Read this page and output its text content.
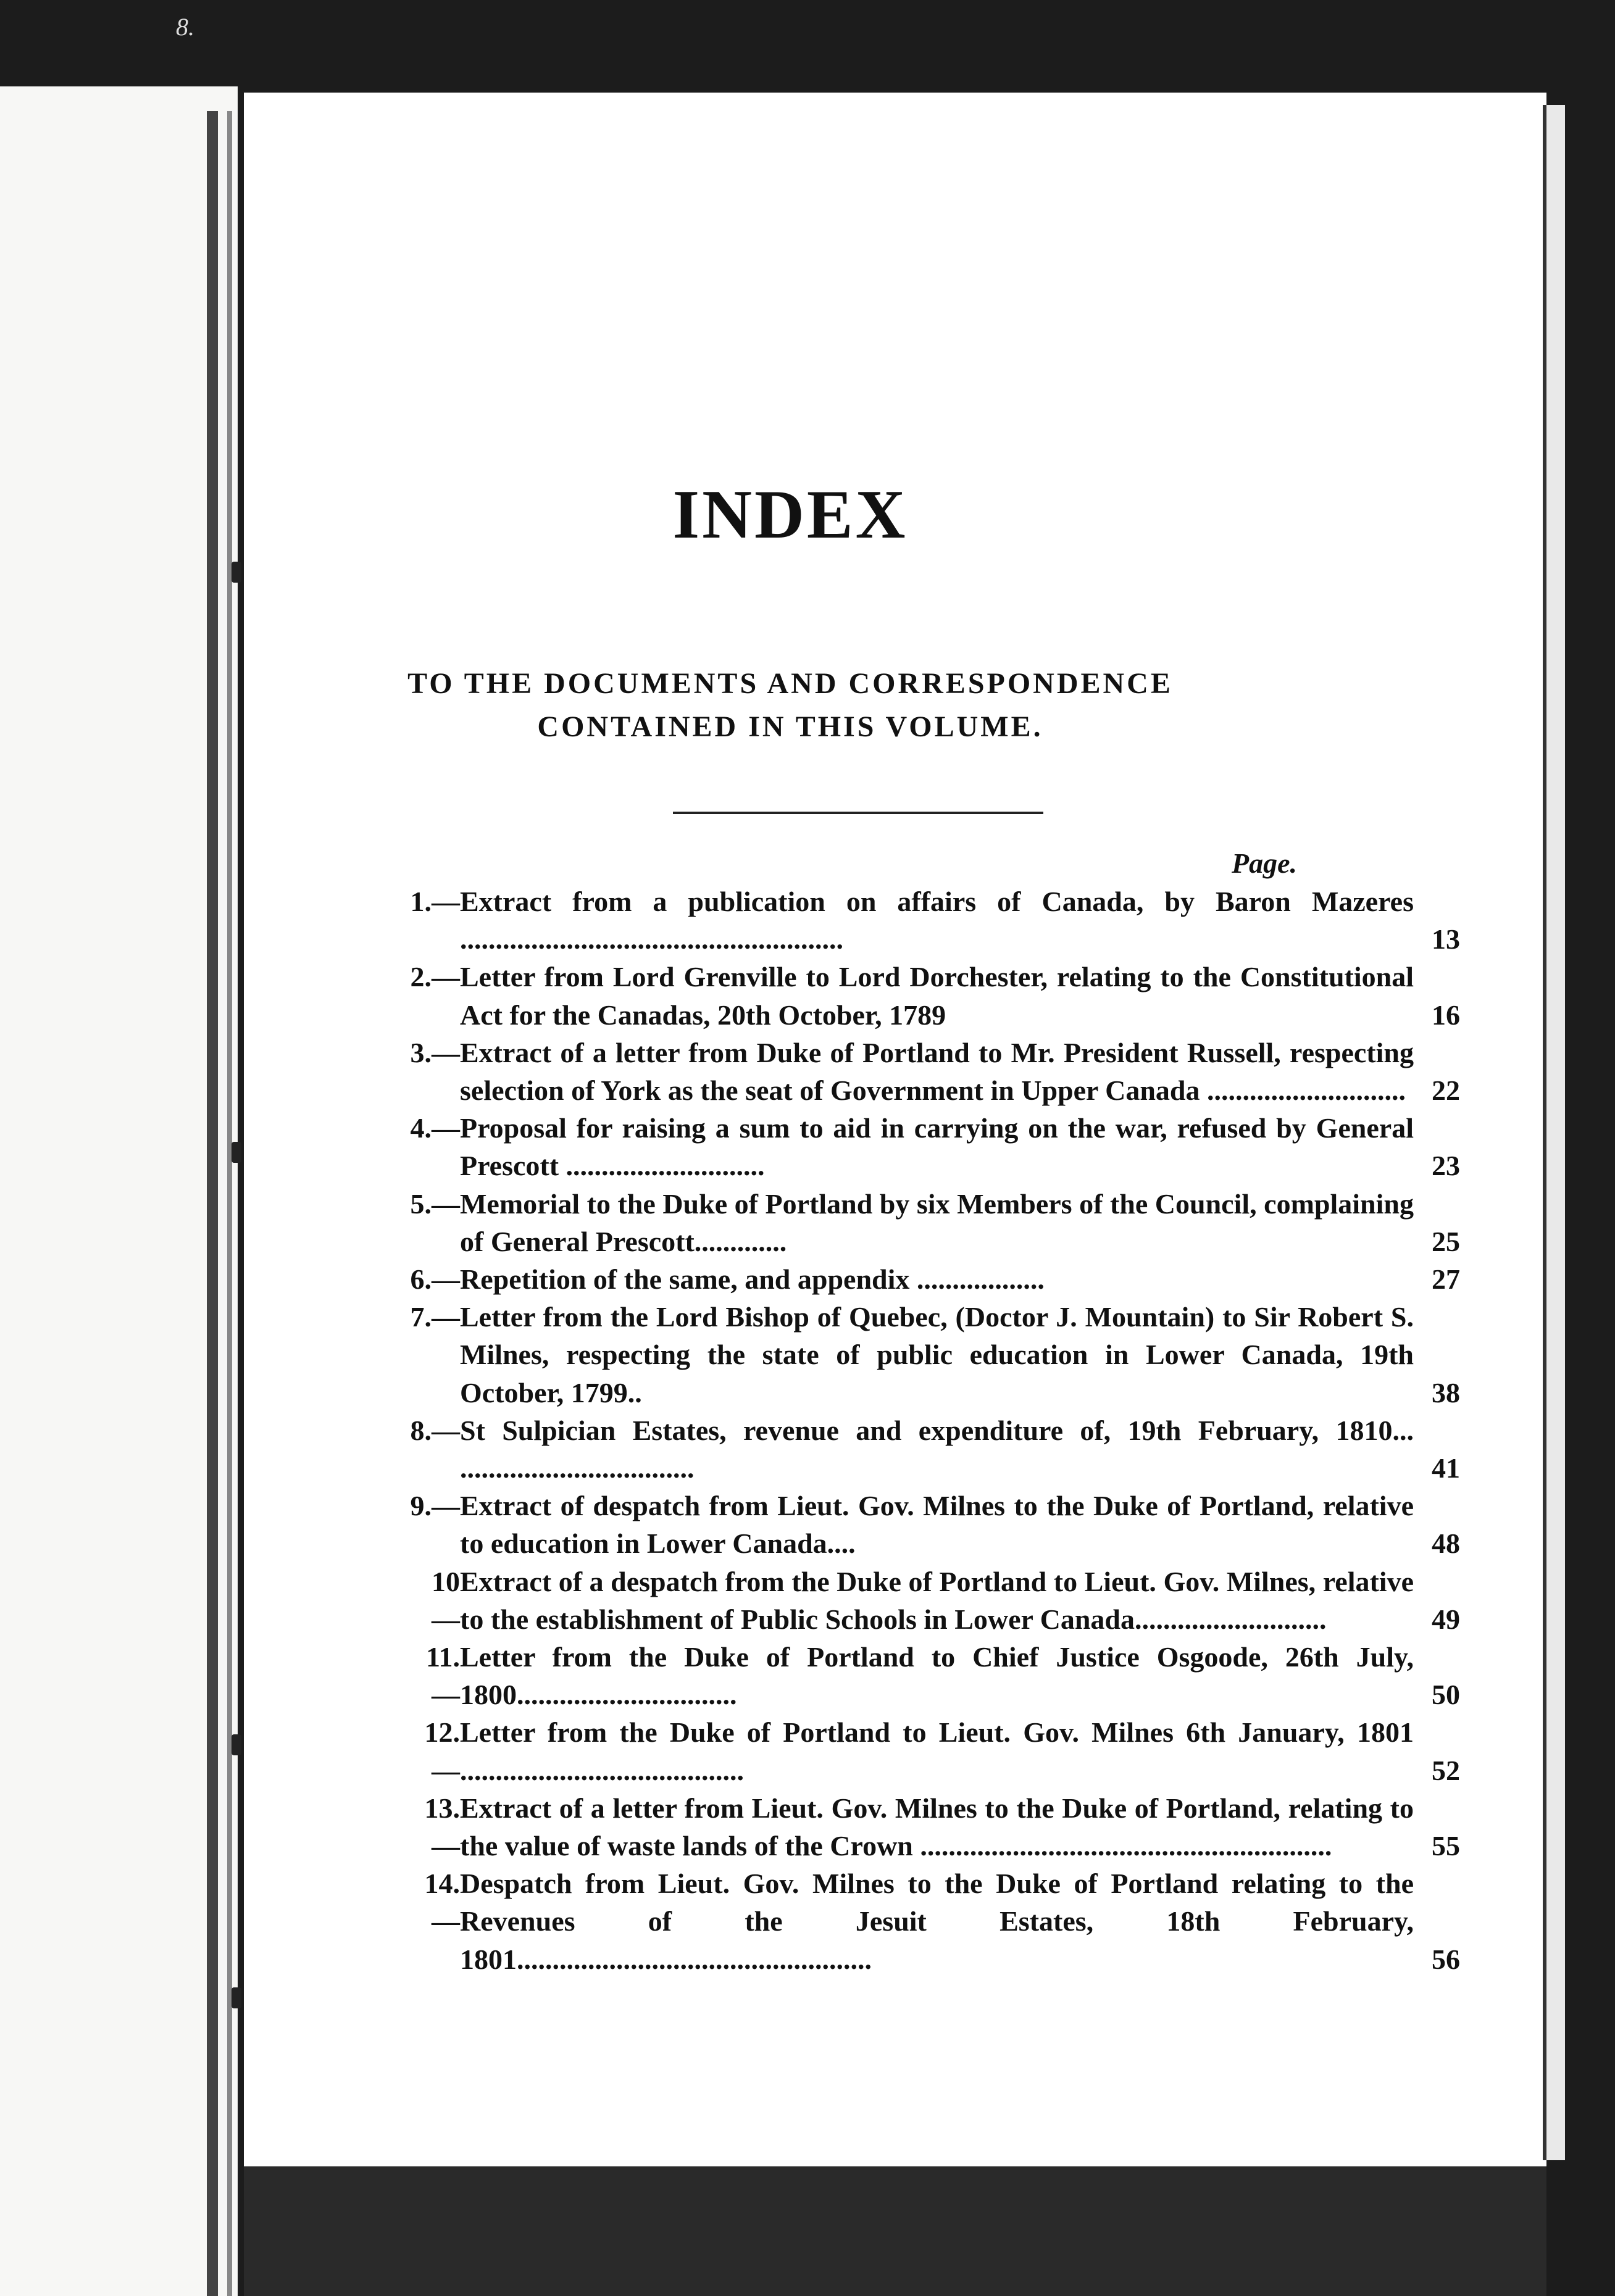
8.
INDEX
TO THE DOCUMENTS AND CORRESPONDENCE
CONTAINED IN THIS VOLUME.
Page.
1.— Extract from a publication on affairs of Canada, by Baron Mazeres ......................................................	13
2.— Letter from Lord Grenville to Lord Dorchester, relating to the Constitutional Act for the Canadas, 20th October, 1789	16
3.— Extract of a letter from Duke of Portland to Mr. President Russell, respecting selection of York as the seat of Government in Upper Canada ............................ 22
4.— Proposal for raising a sum to aid in carrying on the war, refused by General Prescott ............................	23
5.— Memorial to the Duke of Portland by six Members of the Council, complaining of General Prescott.............	25
6.— Repetition of the same, and appendix ..................	27
7.— Letter from the Lord Bishop of Quebec, (Doctor J. Mountain) to Sir Robert S. Milnes, respecting the state of public education in Lower Canada, 19th October, 1799..	38
8.— St Sulpician Estates, revenue and expenditure of, 19th February, 1810... .................................	41
9.— Extract of despatch from Lieut. Gov. Milnes to the Duke of Portland, relative to education in Lower Canada....	48
10 —
Extract of a despatch from the Duke of Portland to Lieut. Gov. Milnes, relative to the establishment of Public Schools in Lower Canada...........................	49
11.—
Letter from the Duke of Portland to Chief Justice Osgoode, 26th July, 1800...............................	50
12.—
Letter from the Duke of Portland to Lieut. Gov. Milnes 6th January, 1801 ........................................	52
13.—
Extract of a letter from Lieut. Gov. Milnes to the Duke of Portland, relating to the value of waste lands of the Crown ..........................................................	55
14.—
Despatch from Lieut. Gov. Milnes to the Duke of Portland relating to the Revenues of the Jesuit Estates, 18th February, 1801..................................................	56
